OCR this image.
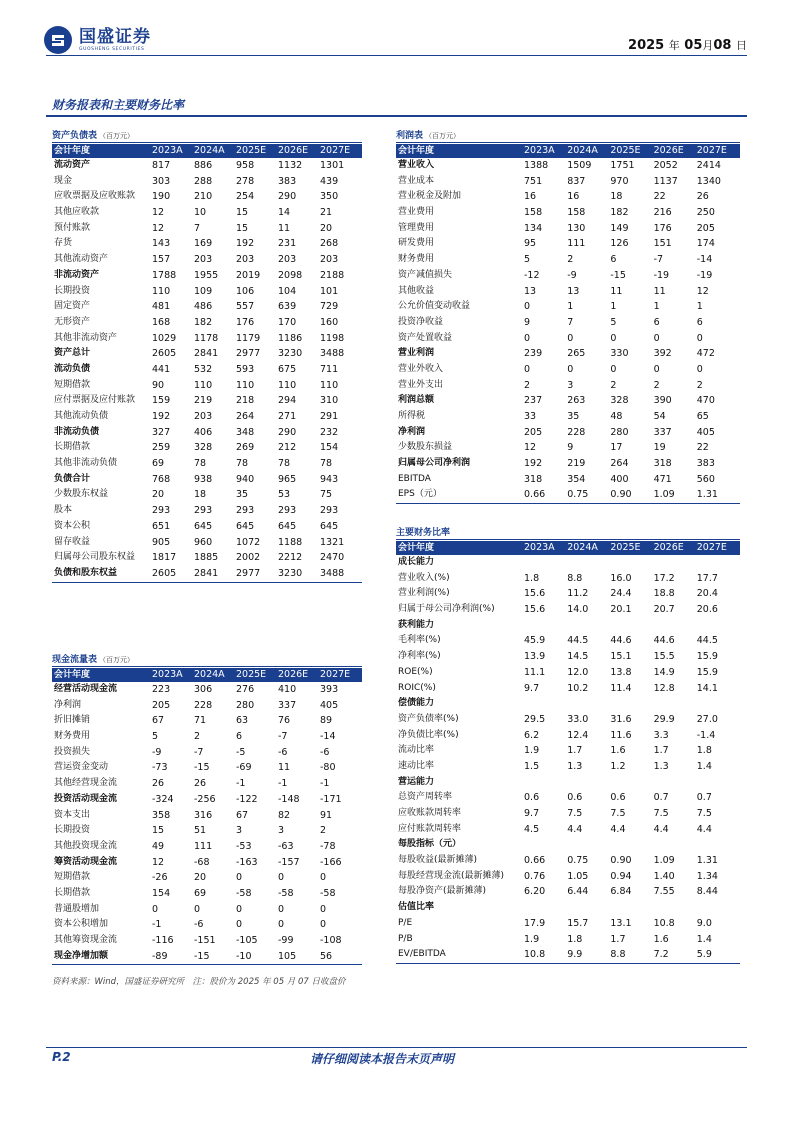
国盛证券
GUOSHENG SECURITIES	2025 年 05月08 日
财务报表和主要财务比率
资产负债表 （百万元）
会计年度	2023A	2024A	2025E	2026E	2027E
流动资产	817	886	958	1132	1301
现金	303	288	278	383	439
应收票据及应收账款	190	210	254	290	350
其他应收款	12	10	15	14	21
预付账款	12	7	15	11	20
存货	143	169	192	231	268
其他流动资产	157	203	203	203	203
非流动资产	1788	1955	2019	2098	2188
长期投资	110	109	106	104	101
固定资产	481	486	557	639	729
无形资产	168	182	176	170	160
其他非流动资产	1029	1178	1179	1186	1198
资产总计	2605	2841	2977	3230	3488
流动负债	441	532	593	675	711
短期借款	90	110	110	110	110
应付票据及应付账款	159	219	218	294	310
其他流动负债	192	203	264	271	291
非流动负债	327	406	348	290	232
长期借款	259	328	269	212	154
其他非流动负债	69	78	78	78	78
负债合计	768	938	940	965	943
少数股东权益	20	18	35	53	75
股本	293	293	293	293	293
资本公积	651	645	645	645	645
留存收益	905	960	1072	1188	1321
归属母公司股东权益	1817	1885	2002	2212	2470
负债和股东权益	2605	2841	2977	3230	3488
利润表 （百万元）
会计年度	2023A	2024A	2025E	2026E	2027E
营业收入	1388	1509	1751	2052	2414
营业成本	751	837	970	1137	1340
营业税金及附加	16	16	18	22	26
营业费用	158	158	182	216	250
管理费用	134	130	149	176	205
研发费用	95	111	126	151	174
财务费用	5	2	6	-7	-14
资产减值损失	-12	-9	-15	-19	-19
其他收益	13	13	11	11	12
公允价值变动收益	0	1	1	1	1
投资净收益	9	7	5	6	6
资产处置收益	0	0	0	0	0
营业利润	239	265	330	392	472
营业外收入	0	0	0	0	0
营业外支出	2	3	2	2	2
利润总额	237	263	328	390	470
所得税	33	35	48	54	65
净利润	205	228	280	337	405
少数股东损益	12	9	17	19	22
归属母公司净利润	192	219	264	318	383
EBITDA	318	354	400	471	560
EPS（元）	0.66	0.75	0.90	1.09	1.31
主要财务比率
会计年度	2023A	2024A	2025E	2026E	2027E
成长能力
营业收入(%)	1.8	8.8	16.0	17.2	17.7
营业利润(%)	15.6	11.2	24.4	18.8	20.4
归属于母公司净利润(%)	15.6	14.0	20.1	20.7	20.6
获利能力
毛利率(%)	45.9	44.5	44.6	44.6	44.5
净利率(%)	13.9	14.5	15.1	15.5	15.9
ROE(%)	11.1	12.0	13.8	14.9	15.9
ROIC(%)	9.7	10.2	11.4	12.8	14.1
偿债能力
资产负债率(%)	29.5	33.0	31.6	29.9	27.0
净负债比率(%)	6.2	12.4	11.6	3.3	-1.4
流动比率	1.9	1.7	1.6	1.7	1.8
速动比率	1.5	1.3	1.2	1.3	1.4
营运能力
总资产周转率	0.6	0.6	0.6	0.7	0.7
应收账款周转率	9.7	7.5	7.5	7.5	7.5
应付账款周转率	4.5	4.4	4.4	4.4	4.4
每股指标（元）
每股收益(最新摊薄)	0.66	0.75	0.90	1.09	1.31
每股经营现金流(最新摊薄)	0.76	1.05	0.94	1.40	1.34
每股净资产(最新摊薄)	6.20	6.44	6.84	7.55	8.44
估值比率
P/E	17.9	15.7	13.1	10.8	9.0
P/B	1.9	1.8	1.7	1.6	1.4
EV/EBITDA	10.8	9.9	8.8	7.2	5.9
现金流量表 （百万元）
会计年度	2023A	2024A	2025E	2026E	2027E
经营活动现金流	223	306	276	410	393
净利润	205	228	280	337	405
折旧摊销	67	71	63	76	89
财务费用	5	2	6	-7	-14
投资损失	-9	-7	-5	-6	-6
营运资金变动	-73	-15	-69	11	-80
其他经营现金流	26	26	-1	-1	-1
投资活动现金流	-324	-256	-122	-148	-171
资本支出	358	316	67	82	91
长期投资	15	51	3	3	2
其他投资现金流	49	111	-53	-63	-78
筹资活动现金流	12	-68	-163	-157	-166
短期借款	-26	20	0	0	0
长期借款	154	69	-58	-58	-58
普通股增加	0	0	0	0	0
资本公积增加	-1	-6	0	0	0
其他筹资现金流	-116	-151	-105	-99	-108
现金净增加额	-89	-15	-10	105	56
资料来源：Wind，国盛证券研究所　注：股价为 2025 年 05 月 07 日收盘价
P.2	请仔细阅读本报告末页声明
